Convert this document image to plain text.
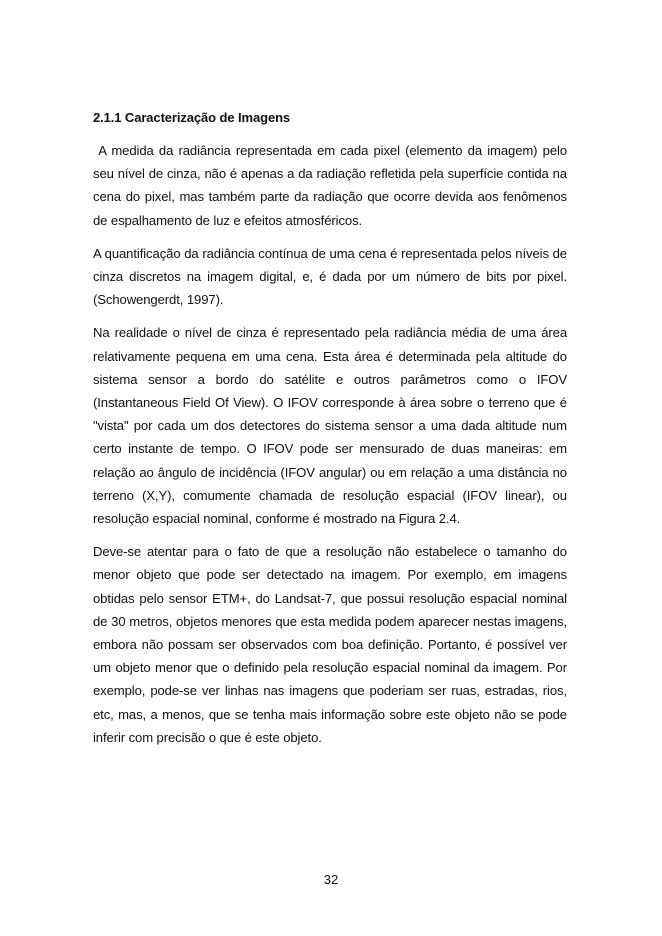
2.1.1 Caracterização de Imagens

A medida da radiância representada em cada pixel (elemento da imagem) pelo seu nível de cinza, não é apenas a da radiação refletida pela superfície contida na cena do pixel, mas também parte da radiação que ocorre devida aos fenômenos de espalhamento de luz e efeitos atmosféricos.

A quantificação da radiância contínua de uma cena é representada pelos níveis de cinza discretos na imagem digital, e, é dada por um número de bits por pixel. (Schowengerdt, 1997).

Na realidade o nível de cinza é representado pela radiância média de uma área relativamente pequena em uma cena. Esta área é determinada pela altitude do sistema sensor a bordo do satélite e outros parâmetros como o IFOV (Instantaneous Field Of View). O IFOV corresponde à área sobre o terreno que é "vista" por cada um dos detectores do sistema sensor a uma dada altitude num certo instante de tempo. O IFOV pode ser mensurado de duas maneiras: em relação ao ângulo de incidência (IFOV angular) ou em relação a uma distância no terreno (X,Y), comumente chamada de resolução espacial (IFOV linear), ou resolução espacial nominal, conforme é mostrado na Figura 2.4.

Deve-se atentar para o fato de que a resolução não estabelece o tamanho do menor objeto que pode ser detectado na imagem. Por exemplo, em imagens obtidas pelo sensor ETM+, do Landsat-7, que possui resolução espacial nominal de 30 metros, objetos menores que esta medida podem aparecer nestas imagens, embora não possam ser observados com boa definição. Portanto, é possível ver um objeto menor que o definido pela resolução espacial nominal da imagem. Por exemplo, pode-se ver linhas nas imagens que poderiam ser ruas, estradas, rios, etc, mas, a menos, que se tenha mais informação sobre este objeto não se pode inferir com precisão o que é este objeto.

32
